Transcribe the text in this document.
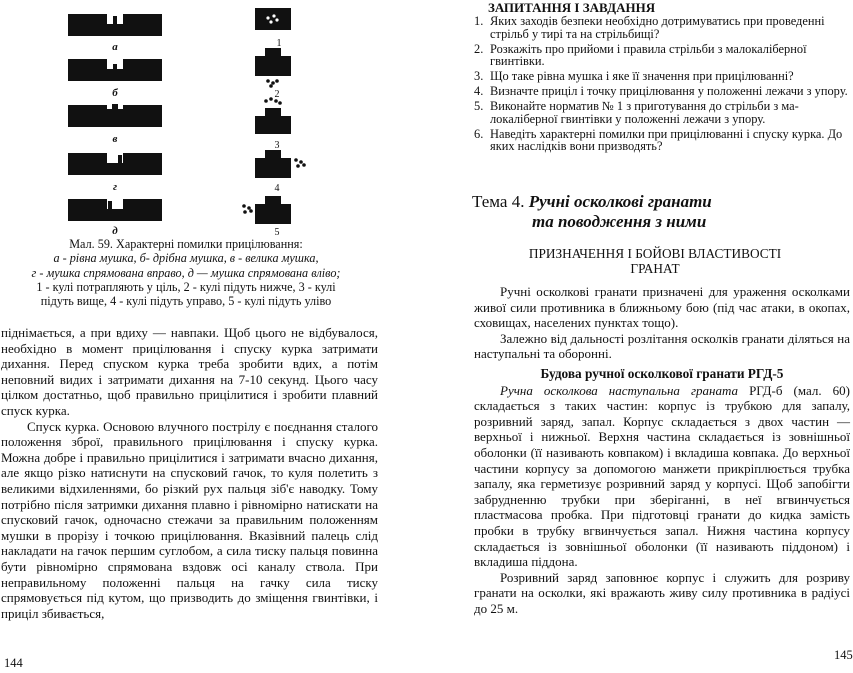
а
б
в
г
д
1
2
3
4
5
Мал. 59. Характерні помилки прицілювання:
а - рівна мушка, б- дрібна мушка, в - велика мушка,
г - мушка спрямована вправо, д — мушка спрямована вліво;
1 - кулі потрапляють у ціль, 2 - кулі підуть нижче, 3 - кулі
підуть вище, 4 - кулі підуть управо, 5 - кулі підуть уліво

піднімається, а при вдиху — навпаки. Щоб цього не відбувалося, необхідно в момент прицілювання і спуску курка затримати дихання. Перед спуском курка треба зробити вдих, а потім неповний видих і затримати дихання на 7-10 секунд. Цього часу цілком достатньо, щоб правильно прицілитися і зробити плавний спуск курка.

Спуск курка. Основою влучного пострілу є поєднання сталого положення зброї, правильного прицілювання і спуску курка. Можна добре і правильно прицілитися і затримати вчасно дихання, але якщо різко натиснути на спусковий гачок, то куля полетить з великими відхиленнями, бо різкий рух пальця зіб'є наводку. Тому потрібно після затримки дихання плавно і рівномірно натискати на спусковий гачок, одночасно стежачи за правильним положенням мушки в прорізу і точкою прицілювання. Вказівний палець слід накладати на гачок першим суглобом, а сила тиску пальця повинна бути рівномірно спрямована вздовж осі каналу ствола. При неправильному положенні пальця на гачку сила тиску спрямовується під кутом, що призводить до зміщення гвинтівки, і приціл збивається,

144
ЗАПИТАННЯ І ЗАВДАННЯ
1. Яких заходів безпеки необхідно дотримуватись при проведенні стрільб у тирі та на стрільбищі?
2. Розкажіть про прийоми і правила стрільби з малокаліберної гвинтівки.
3. Що таке рівна мушка і яке її значення при прицілюванні?
4. Визначте приціл і точку прицілювання у положенні лежачи з упору.
5. Виконайте норматив № 1 з приготування до стрільби з малокаліберної гвинтівки у положенні лежачи з упору.
6. Наведіть характерні помилки при прицілюванні і спуску курка. До яких наслідків вони призводять?
Тема 4. Ручні осколкові гранати
та поводження з ними
ПРИЗНАЧЕННЯ І БОЙОВІ ВЛАСТИВОСТІ
ГРАНАТ

Ручні осколкові гранати призначені для ураження осколками живої сили противника в ближньому бою (під час атаки, в окопах, сховищах, населених пунктах тощо).

Залежно від дальності розлітання осколків гранати діляться на наступальні та оборонні.

Будова ручної осколкової гранати РГД-5

Ручна осколкова наступальна граната РГД-б (мал. 60) складається з таких частин: корпус із трубкою для запалу, розривний заряд, запал. Корпус складається з двох частин — верхньої і нижньої. Верхня частина складається із зовнішньої оболонки (її називають ковпаком) і вкладиша ковпака. До верхньої частини корпусу за допомогою манжети прикріплюється трубка запалу, яка герметизує розривний заряд у корпусі. Щоб запобігти забрудненню трубки при зберіганні, в неї вгвинчується пластмасова пробка. При підготовці гранати до кидка замість пробки в трубку вгвинчується запал. Нижня частина корпусу складається із зовнішньої оболонки (її називають піддоном) і вкладиша піддона.

Розривний заряд заповнює корпус і служить для розриву гранати на осколки, які вражають живу силу противника в радіусі до 25 м.

145
